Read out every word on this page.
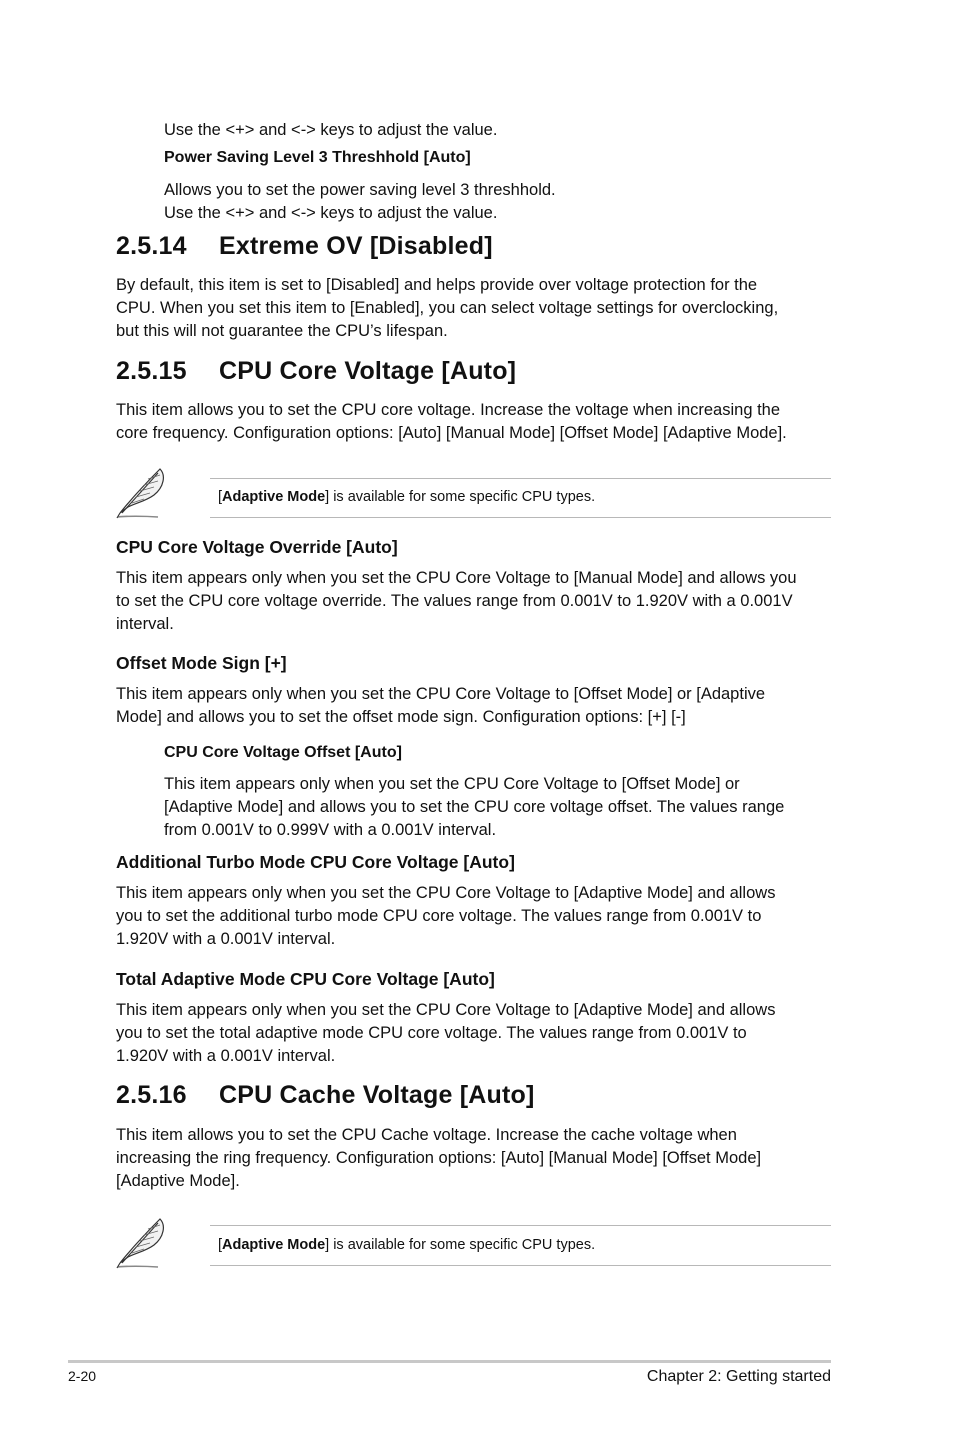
Use the <+> and <-> keys to adjust the value.

Power Saving Level 3 Threshhold [Auto]

Allows you to set the power saving level 3 threshhold.

Use the <+> and <-> keys to adjust the value.

2.5.14 Extreme OV [Disabled]

By default, this item is set to [Disabled] and helps provide over voltage protection for the

CPU. When you set this item to [Enabled], you can select voltage settings for overclocking,

but this will not guarantee the CPU’s lifespan.

2.5.15 CPU Core Voltage [Auto]

This item allows you to set the CPU core voltage. Increase the voltage when increasing the

core frequency. Configuration options: [Auto] [Manual Mode] [Offset Mode] [Adaptive Mode].

[Adaptive Mode] is available for some specific CPU types.
CPU Core Voltage Override [Auto]

This item appears only when you set the CPU Core Voltage to [Manual Mode] and allows you

to set the CPU core voltage override. The values range from 0.001V to 1.920V with a 0.001V

interval.

Offset Mode Sign [+]

This item appears only when you set the CPU Core Voltage to [Offset Mode] or [Adaptive

Mode] and allows you to set the offset mode sign. Configuration options: [+] [-]

CPU Core Voltage Offset [Auto]

This item appears only when you set the CPU Core Voltage to [Offset Mode] or

[Adaptive Mode] and allows you to set the CPU core voltage offset. The values range

from 0.001V to 0.999V with a 0.001V interval.

Additional Turbo Mode CPU Core Voltage [Auto]

This item appears only when you set the CPU Core Voltage to [Adaptive Mode] and allows

you to set the additional turbo mode CPU core voltage. The values range from 0.001V to

1.920V with a 0.001V interval.

Total Adaptive Mode CPU Core Voltage [Auto]

This item appears only when you set the CPU Core Voltage to [Adaptive Mode] and allows

you to set the total adaptive mode CPU core voltage. The values range from 0.001V to

1.920V with a 0.001V interval.

2.5.16 CPU Cache Voltage [Auto]

This item allows you to set the CPU Cache voltage. Increase the cache voltage when

increasing the ring frequency. Configuration options: [Auto] [Manual Mode] [Offset Mode]

[Adaptive Mode].

[Adaptive Mode] is available for some specific CPU types.
2-20	Chapter 2: Getting started
